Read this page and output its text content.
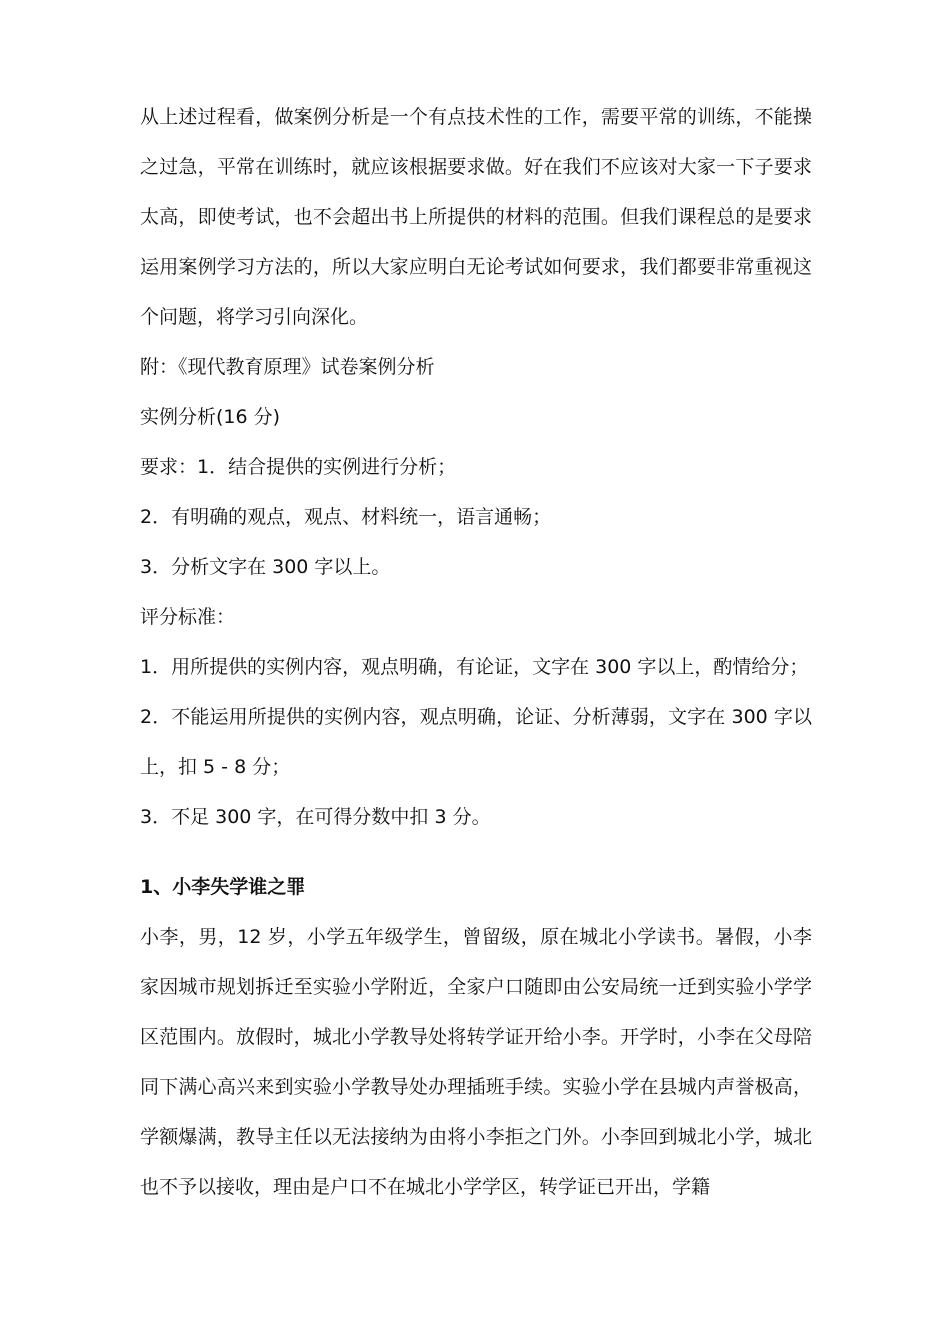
从上述过程看，做案例分析是一个有点技术性的工作，需要平常的训练，不能操之过急，平常在训练时，就应该根据要求做。好在我们不应该对大家一下子要求太高，即使考试，也不会超出书上所提供的材料的范围。但我们课程总的是要求运用案例学习方法的，所以大家应明白无论考试如何要求，我们都要非常重视这个问题，将学习引向深化。

附：《现代教育原理》试卷案例分析

实例分析(16 分)

要求：1．结合提供的实例进行分析；

2．有明确的观点，观点、材料统一，语言通畅；

3．分析文字在 300 字以上。

评分标准：

1．用所提供的实例内容，观点明确，有论证，文字在 300 字以上，酌情给分；

2．不能运用所提供的实例内容，观点明确，论证、分析薄弱，文字在 300 字以上，扣 5 - 8 分；

3．不足 300 字，在可得分数中扣 3 分。

1、小李失学谁之罪

小李，男，12 岁，小学五年级学生，曾留级，原在城北小学读书。暑假，小李家因城市规划拆迁至实验小学附近，全家户口随即由公安局统一迁到实验小学学区范围内。放假时，城北小学教导处将转学证开给小李。开学时，小李在父母陪同下满心高兴来到实验小学教导处办理插班手续。实验小学在县城内声誉极高，学额爆满，教导主任以无法接纳为由将小李拒之门外。小李回到城北小学，城北也不予以接收，理由是户口不在城北小学学区，转学证已开出，学籍
